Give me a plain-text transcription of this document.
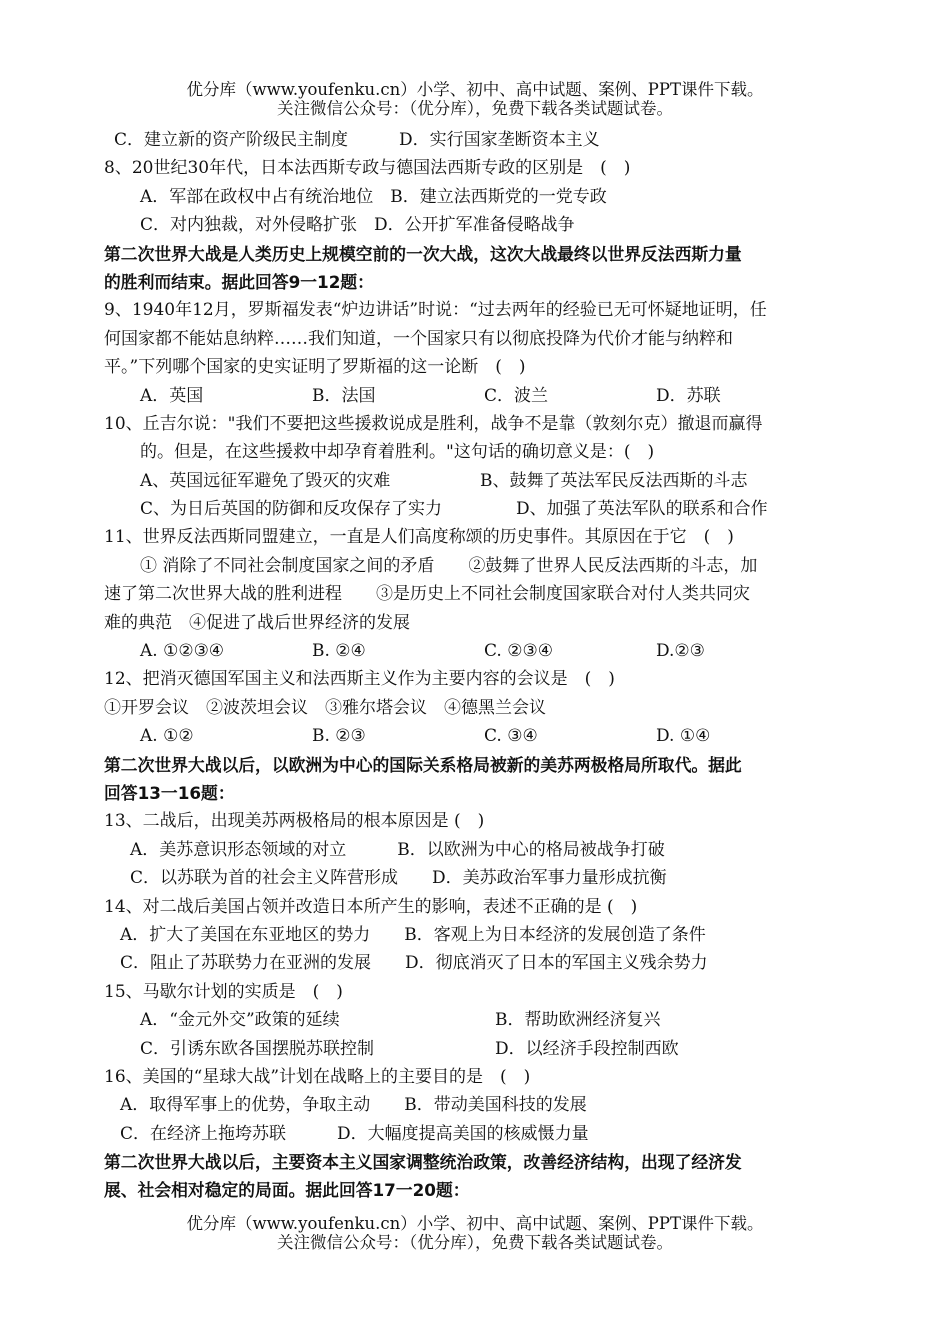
优分库（www.youfenku.cn）小学、初中、高中试题、案例、PPT课件下载。
关注微信公众号：（优分库），免费下载各类试题试卷。
C．建立新的资产阶级民主制度　　　D．实行国家垄断资本主义
8、20世纪30年代，日本法西斯专政与德国法西斯专政的区别是　(　)
A．军部在政权中占有统治地位　B．建立法西斯党的一党专政
C．对内独裁，对外侵略扩张　D．公开扩军准备侵略战争
第二次世界大战是人类历史上规模空前的一次大战，这次大战最终以世界反法西斯力量
的胜利而结束。据此回答9一12题：
9、1940年12月，罗斯福发表“炉边讲话”时说：“过去两年的经验已无可怀疑地证明，任
何国家都不能姑息纳粹……我们知道，一个国家只有以彻底投降为代价才能与纳粹和
平。”下列哪个国家的史实证明了罗斯福的这一论断　(　)
A．英国	B．法国	C．波兰	D．苏联
10、丘吉尔说："我们不要把这些援救说成是胜利，战争不是靠（敦刻尔克）撤退而赢得
的。但是，在这些援救中却孕育着胜利。"这句话的确切意义是：(　)
A、英国远征军避免了毁灭的灾难	B、鼓舞了英法军民反法西斯的斗志
C、为日后英国的防御和反攻保存了实力	D、加强了英法军队的联系和合作
11、世界反法西斯同盟建立，一直是人们高度称颂的历史事件。其原因在于它　(　)
① 消除了不同社会制度国家之间的矛盾　　②鼓舞了世界人民反法西斯的斗志，加
速了第二次世界大战的胜利进程　　③是历史上不同社会制度国家联合对付人类共同灾
难的典范　④促进了战后世界经济的发展
A. ①②③④	B. ②④	C. ②③④	D.②③
12、把消灭德国军国主义和法西斯主义作为主要内容的会议是　(　)
①开罗会议　②波茨坦会议　③雅尔塔会议　④德黑兰会议
A. ①②	B. ②③	C. ③④	D. ①④
第二次世界大战以后，以欧洲为中心的国际关系格局被新的美苏两极格局所取代。据此
回答13一16题：
13、二战后，出现美苏两极格局的根本原因是 (　)
A．美苏意识形态领域的对立　　　B．以欧洲为中心的格局被战争打破
C．以苏联为首的社会主义阵营形成　　D．美苏政治军事力量形成抗衡
14、对二战后美国占领并改造日本所产生的影响，表述不正确的是 (　)
A．扩大了美国在东亚地区的势力　　B．客观上为日本经济的发展创造了条件
C．阻止了苏联势力在亚洲的发展　　D．彻底消灭了日本的军国主义残余势力
15、马歇尔计划的实质是　(　)
A．“金元外交”政策的延续	B．帮助欧洲经济复兴
C．引诱东欧各国摆脱苏联控制	D．以经济手段控制西欧
16、美国的“星球大战”计划在战略上的主要目的是　(　)
A．取得军事上的优势，争取主动　　B．带动美国科技的发展
C．在经济上拖垮苏联　　　D．大幅度提高美国的核威慑力量
第二次世界大战以后，主要资本主义国家调整统治政策，改善经济结构，出现了经济发
展、社会相对稳定的局面。据此回答17一20题：
优分库（www.youfenku.cn）小学、初中、高中试题、案例、PPT课件下载。
关注微信公众号：（优分库），免费下载各类试题试卷。
